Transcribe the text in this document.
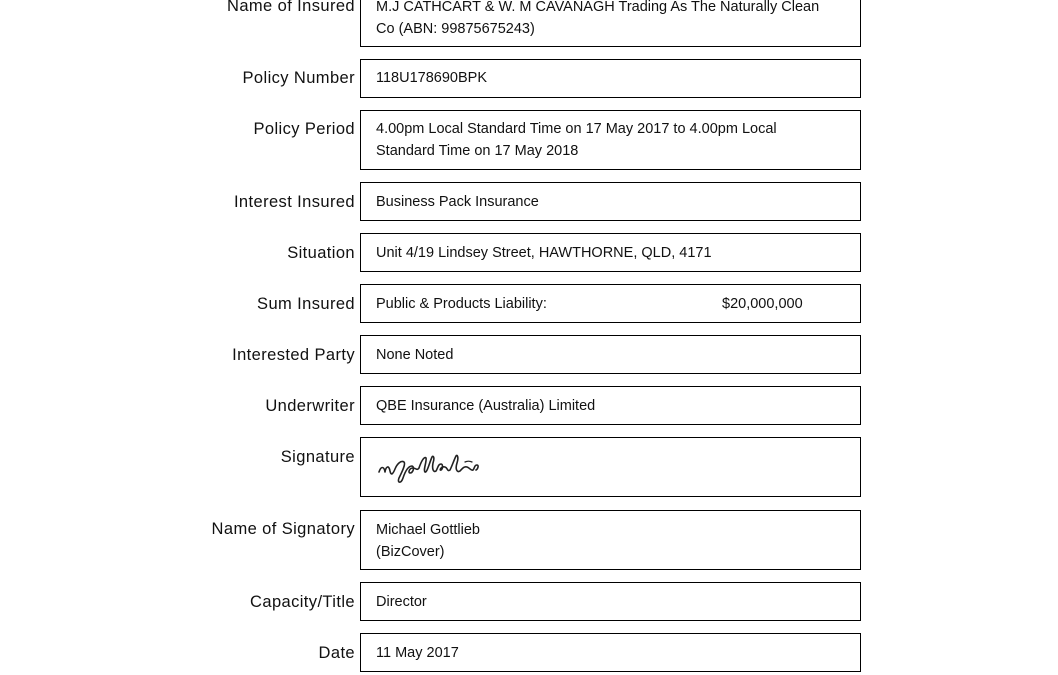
Name of Insured M.J CATHCART & W. M CAVANAGH Trading As The Naturally Clean
Co (ABN: 99875675243)
Policy Number 118U178690BPK
Policy Period 4.00pm Local Standard Time on 17 May 2017 to 4.00pm Local
Standard Time on 17 May 2018
Interest Insured Business Pack Insurance
Situation Unit 4/19 Lindsey Street, HAWTHORNE, QLD, 4171
Sum Insured Public & Products Liability:	$20,000,000
Interested Party None Noted
Underwriter QBE Insurance (Australia) Limited
Signature
Name of Signatory Michael Gottlieb
(BizCover)
Capacity/Title Director
Date 11 May 2017
